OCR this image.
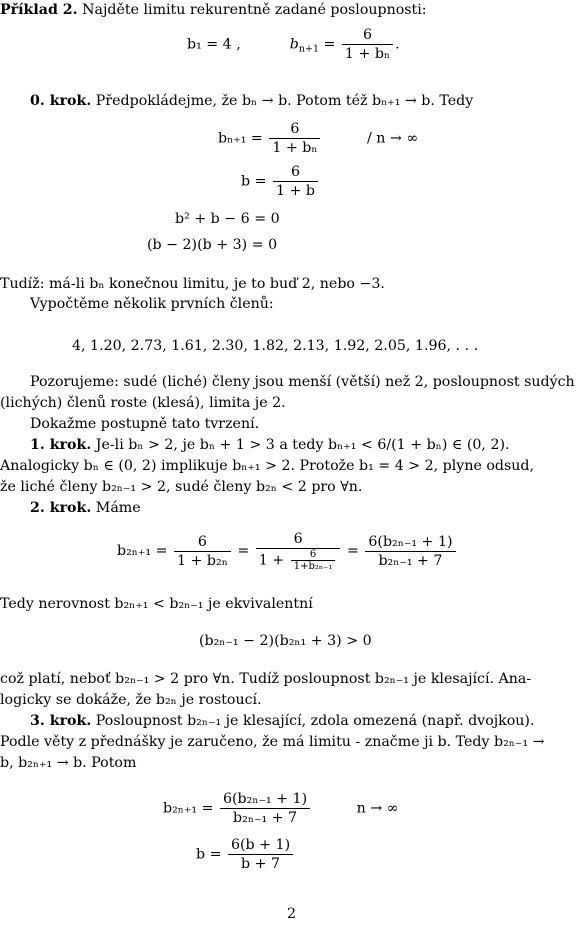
Příklad 2. Najděte limitu rekurentně zadané posloupnosti:
b₁ = 4 ,	$b_{n+1} = \frac{6}{\text{1 + bₙ}}$ .
0. krok. Předpokládejme, že bₙ → b. Potom též bₙ₊₁ → b. Tedy
$b_{n+1} = \frac{6}{\text{1 + bₙ}}$	/ n → ∞
$b = \frac{6}{1 + b}$
b² + b − 6 = 0
(b − 2)(b + 3) = 0
Tudíž: má-li bₙ konečnou limitu, je to buď 2, nebo −3.
Vypočtěme několik prvních členů:
4, 1.20, 2.73, 1.61, 2.30, 1.82, 2.13, 1.92, 2.05, 1.96, . . .
Pozorujeme: sudé (liché) členy jsou menší (větší) než 2, posloupnost sudých
(lichých) členů roste (klesá), limita je 2.
Dokažme postupně tato tvrzení.
1. krok. Je-li bₙ > 2, je bₙ + 1 > 3 a tedy bₙ₊₁ < 6/(1 + bₙ) ∈ (0, 2).
Analogicky bₙ ∈ (0, 2) implikuje bₙ₊₁ > 2. Protože b₁ = 4 > 2, plyne odsud,
že liché členy b₂ₙ₋₁ > 2, sudé členy b₂ₙ < 2 pro ∀n.
2. krok. Máme
$b_{2n+1} = \frac{6}{\text{1 + b₂ₙ}} = \frac{6}{1 + \frac{6}{\text{1+b₂ₙ₋₁}}} = \frac{\text{6(b₂ₙ₋₁ + 1)}}{\text{b₂ₙ₋₁ + 7}}$
Tedy nerovnost b₂ₙ₊₁ < b₂ₙ₋₁ je ekvivalentní
(b₂ₙ₋₁ − 2)(b₂ₙ₁ + 3) > 0
což platí, neboť b₂ₙ₋₁ > 2 pro ∀n. Tudíž posloupnost b₂ₙ₋₁ je klesající. Ana-
logicky se dokáže, že b₂ₙ je rostoucí.
3. krok. Posloupnost b₂ₙ₋₁ je klesající, zdola omezená (např. dvojkou).
Podle věty z přednášky je zaručeno, že má limitu - značme ji b. Tedy b₂ₙ₋₁ →
b, b₂ₙ₊₁ → b. Potom
$b_{2n+1} = \frac{\text{6(b₂ₙ₋₁ + 1)}}{\text{b₂ₙ₋₁ + 7}}$	n → ∞
$b = \frac{6(b + 1)}{b + 7}$
2
